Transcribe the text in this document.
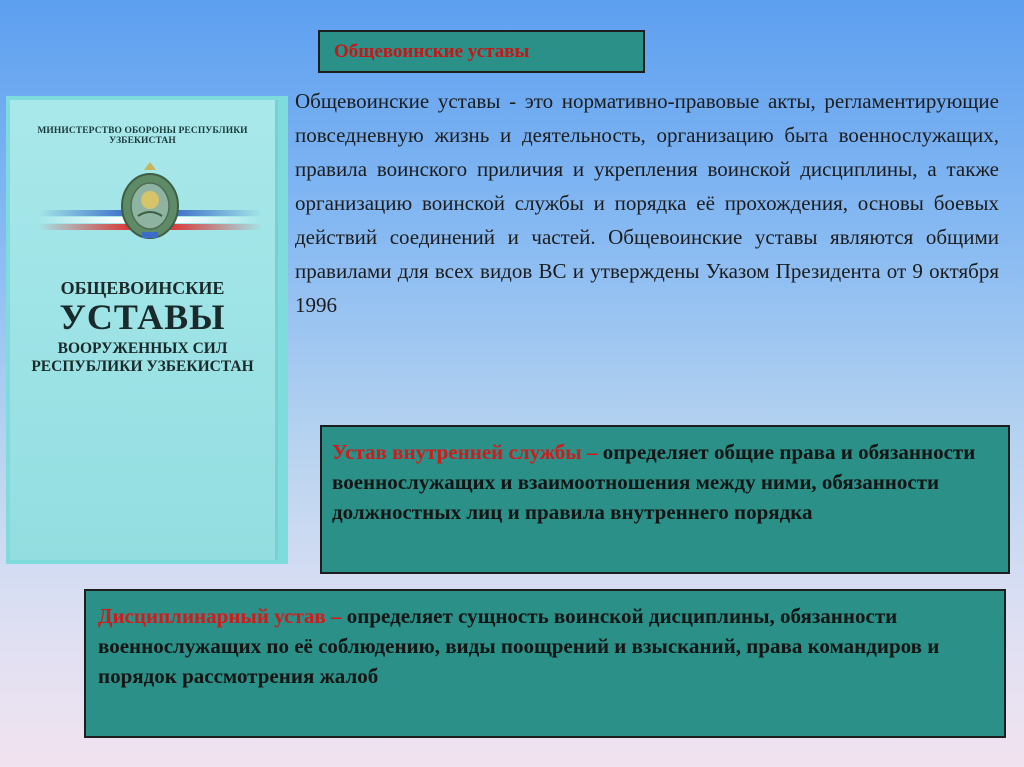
Общевоинские уставы
МИНИСТЕРСТВО ОБОРОНЫ РЕСПУБЛИКИ УЗБЕКИСТАН
ОБЩЕВОИНСКИЕ
УСТАВЫ
ВООРУЖЕННЫХ СИЛ
РЕСПУБЛИКИ УЗБЕКИСТАН
Общевоинские уставы - это нормативно-правовые акты, регламентирующие повседневную жизнь и деятельность, организацию быта военнослужащих, правила воинского приличия и укрепления воинской дисциплины, а также организацию воинской службы и порядка её прохождения, основы боевых действий соединений и частей. Общевоинские уставы являются общими правилами для всех видов ВС и утверждены Указом Президента от 9 октября 1996
Устав внутренней службы – определяет общие права и обязанности военнослужащих и взаимоотношения между ними, обязанности должностных лиц и правила внутреннего порядка
Дисциплинарный устав – определяет сущность воинской дисциплины, обязанности военнослужащих по её соблюдению, виды поощрений и взысканий, права командиров и порядок рассмотрения жалоб
